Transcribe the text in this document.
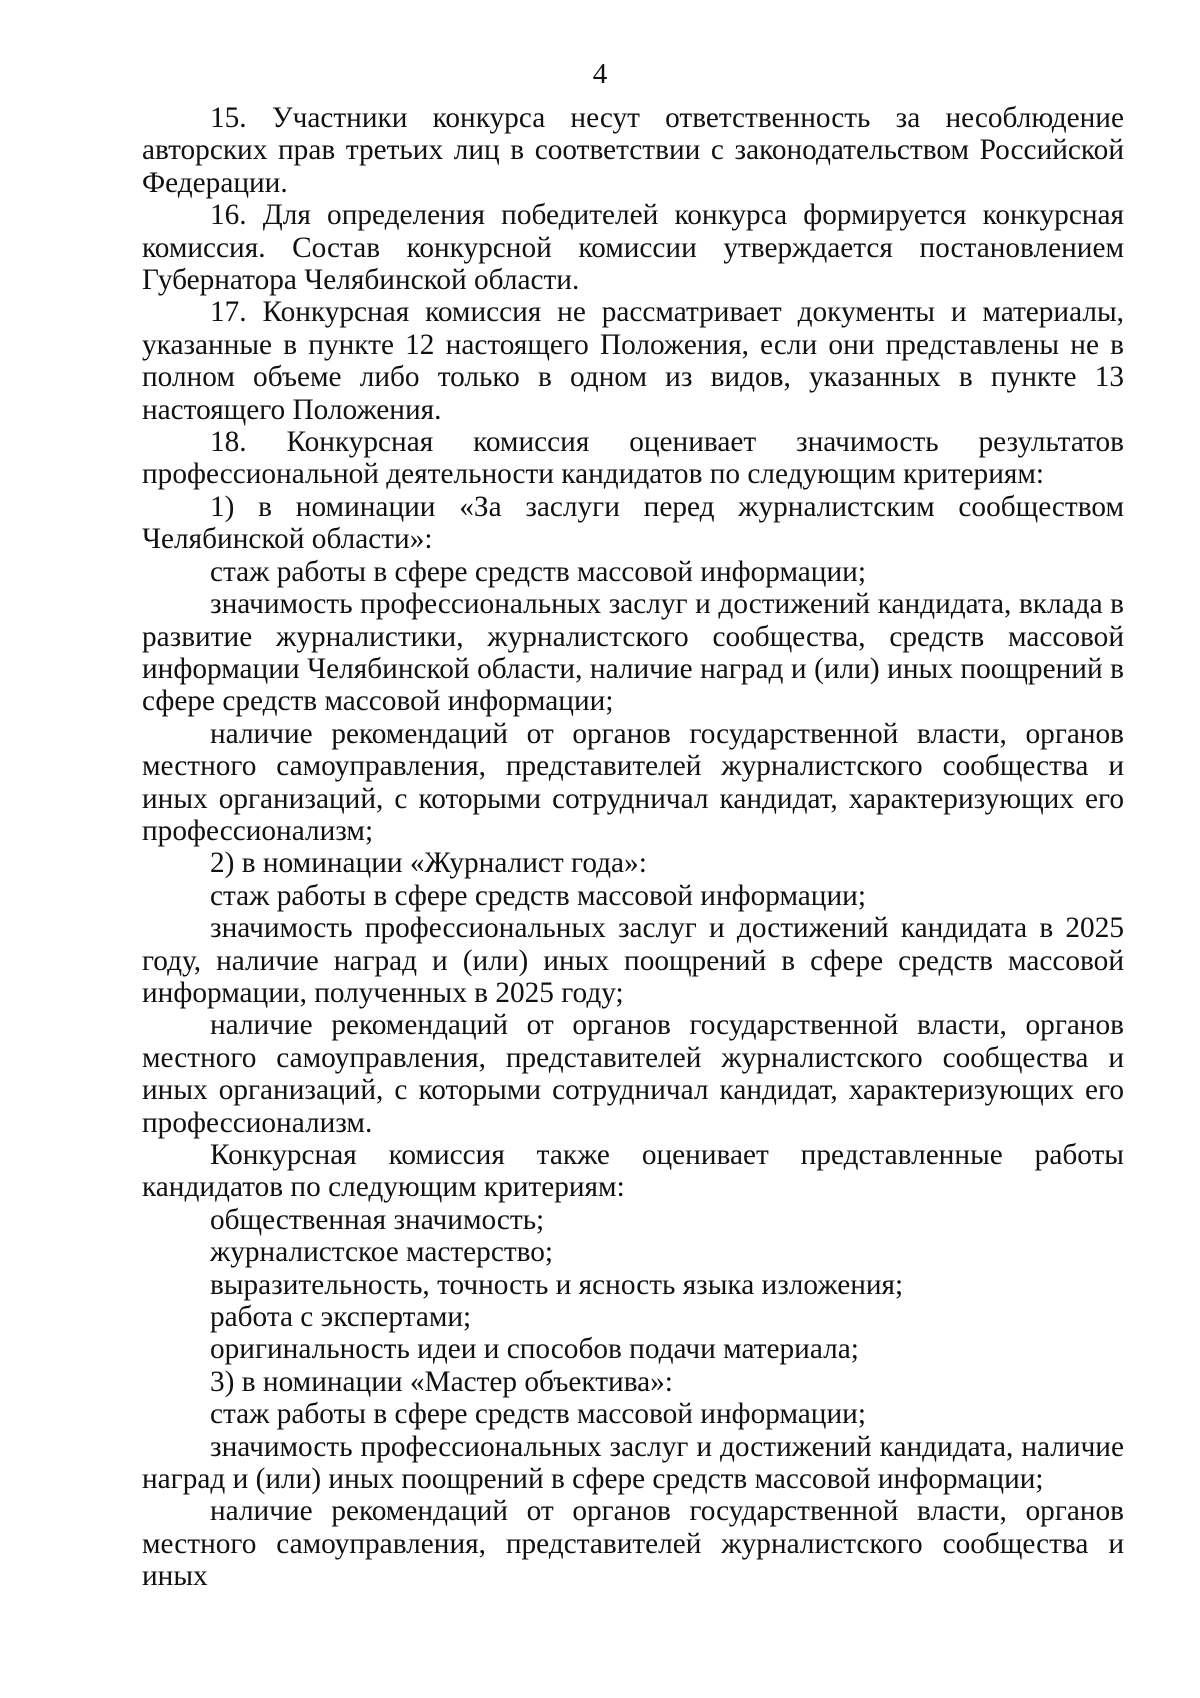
4

15. Участники конкурса несут ответственность за несоблюдение авторских прав третьих лиц в соответствии с законодательством Российской Федерации.

16. Для определения победителей конкурса формируется конкурсная комиссия. Состав конкурсной комиссии утверждается постановлением Губернатора Челябинской области.

17. Конкурсная комиссия не рассматривает документы и материалы, указанные в пункте 12 настоящего Положения, если они представлены не в полном объеме либо только в одном из видов, указанных в пункте 13 настоящего Положения.

18. Конкурсная комиссия оценивает значимость результатов профессиональной деятельности кандидатов по следующим критериям:

1) в номинации «За заслуги перед журналистским сообществом Челябинской области»:

стаж работы в сфере средств массовой информации;

значимость профессиональных заслуг и достижений кандидата, вклада в развитие журналистики, журналистского сообщества, средств массовой информации Челябинской области, наличие наград и (или) иных поощрений в сфере средств массовой информации;

наличие рекомендаций от органов государственной власти, органов местного самоуправления, представителей журналистского сообщества и иных организаций, с которыми сотрудничал кандидат, характеризующих его профессионализм;

2) в номинации «Журналист года»:

стаж работы в сфере средств массовой информации;

значимость профессиональных заслуг и достижений кандидата в 2025 году, наличие наград и (или) иных поощрений в сфере средств массовой информации, полученных в 2025 году;

наличие рекомендаций от органов государственной власти, органов местного самоуправления, представителей журналистского сообщества и иных организаций, с которыми сотрудничал кандидат, характеризующих его профессионализм.

Конкурсная комиссия также оценивает представленные работы кандидатов по следующим критериям:

общественная значимость;

журналистское мастерство;

выразительность, точность и ясность языка изложения;

работа с экспертами;

оригинальность идеи и способов подачи материала;

3) в номинации «Мастер объектива»:

стаж работы в сфере средств массовой информации;

значимость профессиональных заслуг и достижений кандидата, наличие наград и (или) иных поощрений в сфере средств массовой информации;

наличие рекомендаций от органов государственной власти, органов местного самоуправления, представителей журналистского сообщества и иных
